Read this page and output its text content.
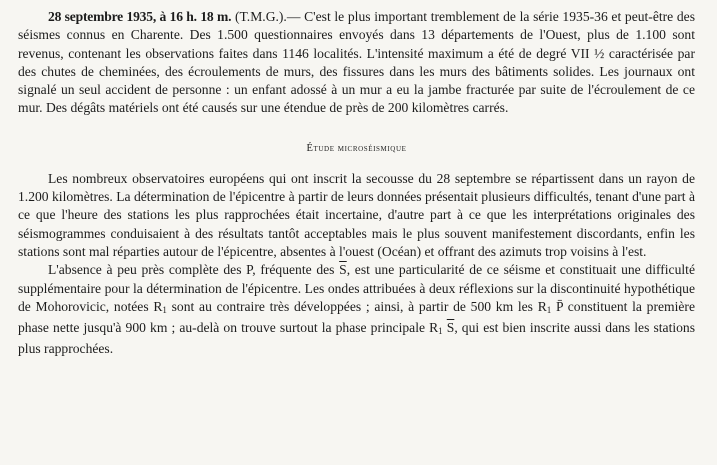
28 septembre 1935, à 16 h. 18 m. (T.M.G.).— C'est le plus important tremblement de la série 1935-36 et peut-être des séismes connus en Charente. Des 1.500 questionnaires envoyés dans 13 départements de l'Ouest, plus de 1.100 sont revenus, contenant les observations faites dans 1146 localités. L'intensité maximum a été de degré VII ½ caractérisée par des chutes de cheminées, des écroulements de murs, des fissures dans les murs des bâtiments solides. Les journaux ont signalé un seul accident de personne : un enfant adossé à un mur a eu la jambe fracturée par suite de l'écroulement de ce mur. Des dégâts matériels ont été causés sur une étendue de près de 200 kilomètres carrés.

Étude microséismique

Les nombreux observatoires européens qui ont inscrit la secousse du 28 septembre se répartissent dans un rayon de 1.200 kilomètres. La détermination de l'épicentre à partir de leurs données présentait plusieurs difficultés, tenant d'une part à ce que l'heure des stations les plus rapprochées était incertaine, d'autre part à ce que les interprétations originales des séismogrammes conduisaient à des résultats tantôt acceptables mais le plus souvent manifestement discordants, enfin les stations sont mal réparties autour de l'épicentre, absentes à l'ouest (Océan) et offrant des azimuts trop voisins à l'est.

L'absence à peu près complète des P, fréquente des $\overline{S}$, est une particularité de ce séisme et constituait une difficulté supplémentaire pour la détermination de l'épicentre. Les ondes attribuées à deux réflexions sur la discontinuité hypothétique de Mohorovicic, notées $R_1$ sont au contraire très développées ; ainsi, à partir de 500 km les $R_1$ P̄ constituent la première phase nette jusqu'à 900 km ; au-delà on trouve surtout la phase principale $R_1$ $\overline{S}$, qui est bien inscrite aussi dans les stations plus rapprochées.
